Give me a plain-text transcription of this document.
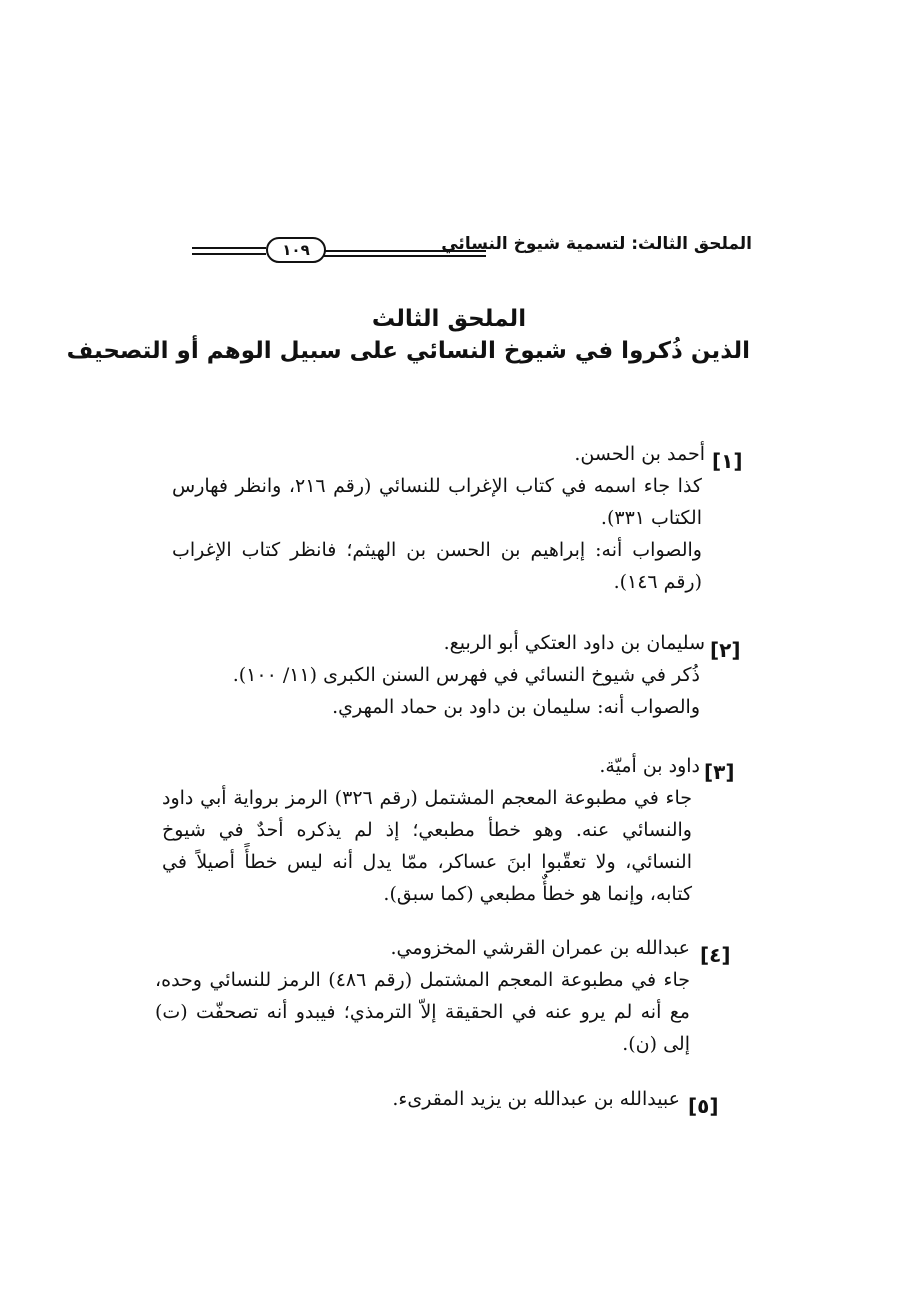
الملحق الثالث: لتسمية شيوخ النسائي
١٠٩
الملحق الثالث
الذين ذُكروا في شيوخ النسائي على سبيل الوهم أو التصحيف
[١]
أحمد بن الحسن.
كذا جاء اسمه في كتاب الإغراب للنسائي (رقم ٢١٦، وانظر فهارس الكتاب ٣٣١).
والصواب أنه: إبراهيم بن الحسن بن الهيثم؛ فانظر كتاب الإغراب (رقم ١٤٦).
[٢]
سليمان بن داود العتكي أبو الربيع.
ذُكر في شيوخ النسائي في فهرس السنن الكبرى (١١/ ١٠٠).
والصواب أنه: سليمان بن داود بن حماد المهري.
[٣]
داود بن أميّة.
جاء في مطبوعة المعجم المشتمل (رقم ٣٢٦) الرمز برواية أبي داود والنسائي عنه. وهو خطأ مطبعي؛ إذ لم يذكره أحدٌ في شيوخ النسائي، ولا تعقّبوا ابنَ عساكر، ممّا يدل أنه ليس خطأً أصيلاً في كتابه، وإنما هو خطأٌ مطبعي (كما سبق).
[٤]
عبدالله بن عمران القرشي المخزومي.
جاء في مطبوعة المعجم المشتمل (رقم ٤٨٦) الرمز للنسائي وحده، مع أنه لم يرو عنه في الحقيقة إلاّ الترمذي؛ فيبدو أنه تصحفّت (ت) إلى (ن).
[٥]
عبيدالله بن عبدالله بن يزيد المقرىء.
